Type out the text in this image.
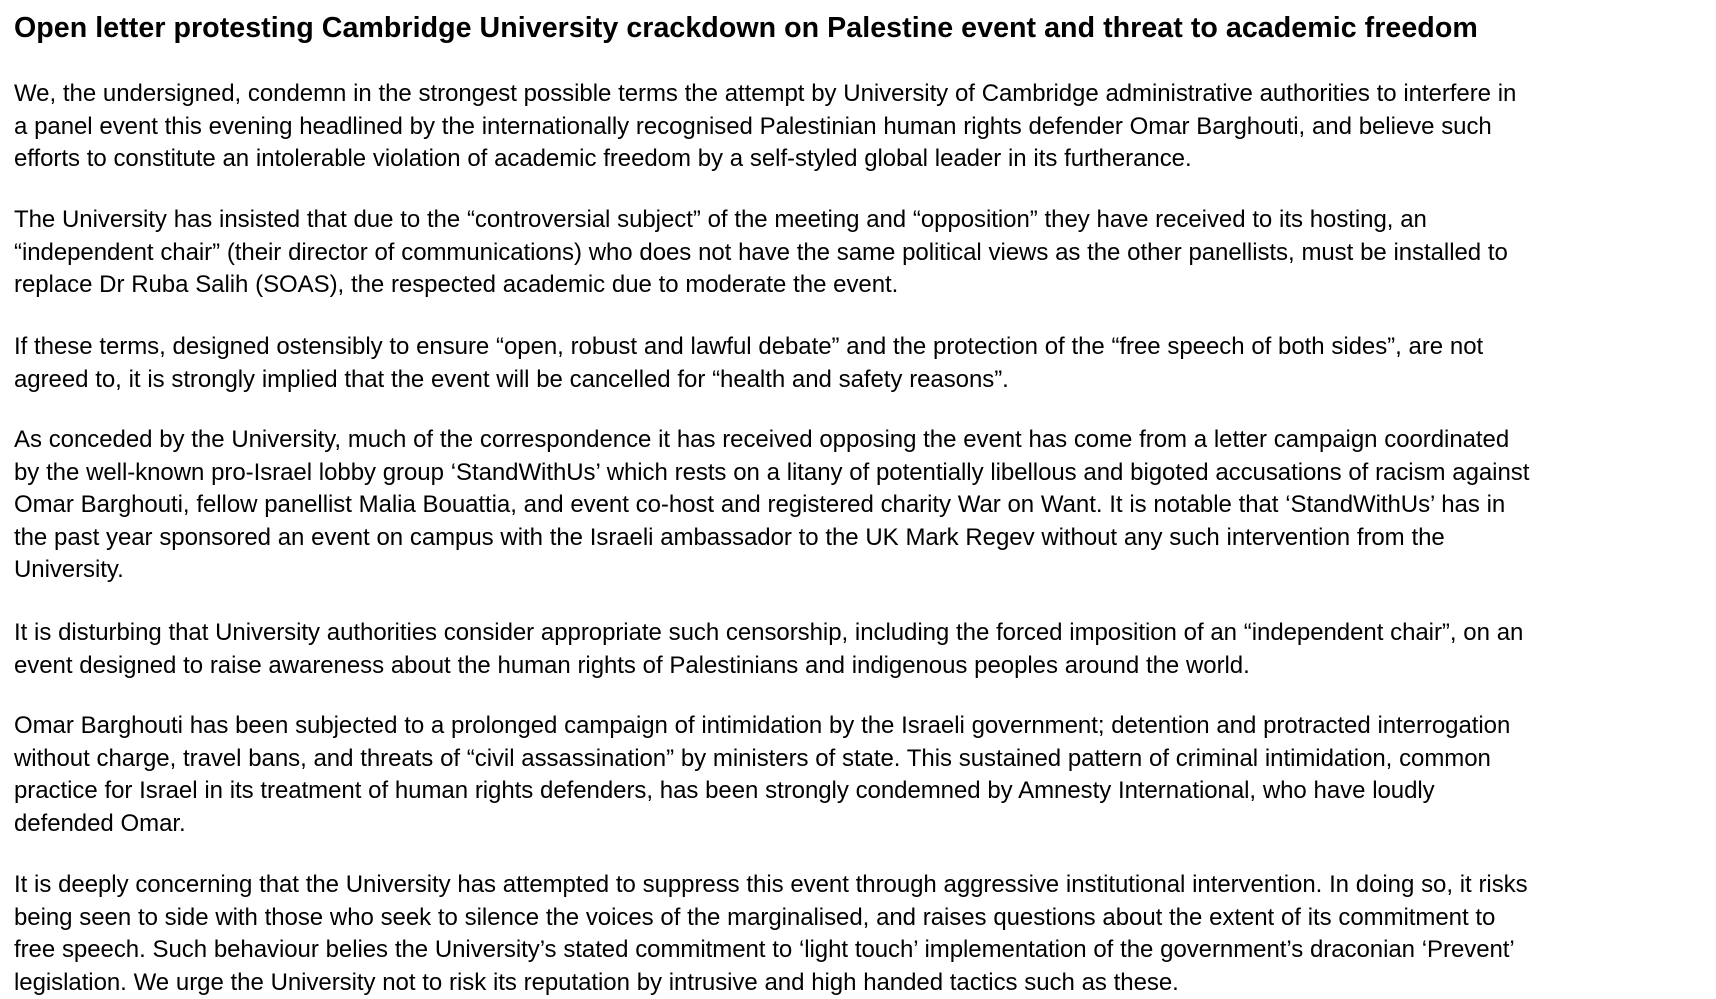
Open letter protesting Cambridge University crackdown on Palestine event and threat to academic freedom

We, the undersigned, condemn in the strongest possible terms the attempt by University of Cambridge administrative authorities to interfere in
a panel event this evening headlined by the internationally recognised Palestinian human rights defender Omar Barghouti, and believe such
efforts to constitute an intolerable violation of academic freedom by a self-styled global leader in its furtherance.

The University has insisted that due to the “controversial subject” of the meeting and “opposition” they have received to its hosting, an
“independent chair” (their director of communications) who does not have the same political views as the other panellists, must be installed to
replace Dr Ruba Salih (SOAS), the respected academic due to moderate the event.

If these terms, designed ostensibly to ensure “open, robust and lawful debate” and the protection of the “free speech of both sides”, are not
agreed to, it is strongly implied that the event will be cancelled for “health and safety reasons”.

As conceded by the University, much of the correspondence it has received opposing the event has come from a letter campaign coordinated
by the well-known pro-Israel lobby group ‘StandWithUs’ which rests on a litany of potentially libellous and bigoted accusations of racism against
Omar Barghouti, fellow panellist Malia Bouattia, and event co-host and registered charity War on Want. It is notable that ‘StandWithUs’ has in
the past year sponsored an event on campus with the Israeli ambassador to the UK Mark Regev without any such intervention from the
University.

It is disturbing that University authorities consider appropriate such censorship, including the forced imposition of an “independent chair”, on an
event designed to raise awareness about the human rights of Palestinians and indigenous peoples around the world.

Omar Barghouti has been subjected to a prolonged campaign of intimidation by the Israeli government; detention and protracted interrogation
without charge, travel bans, and threats of “civil assassination” by ministers of state. This sustained pattern of criminal intimidation, common
practice for Israel in its treatment of human rights defenders, has been strongly condemned by Amnesty International, who have loudly
defended Omar.

It is deeply concerning that the University has attempted to suppress this event through aggressive institutional intervention. In doing so, it risks
being seen to side with those who seek to silence the voices of the marginalised, and raises questions about the extent of its commitment to
free speech. Such behaviour belies the University’s stated commitment to ‘light touch’ implementation of the government’s draconian ‘Prevent’
legislation. We urge the University not to risk its reputation by intrusive and high handed tactics such as these.
